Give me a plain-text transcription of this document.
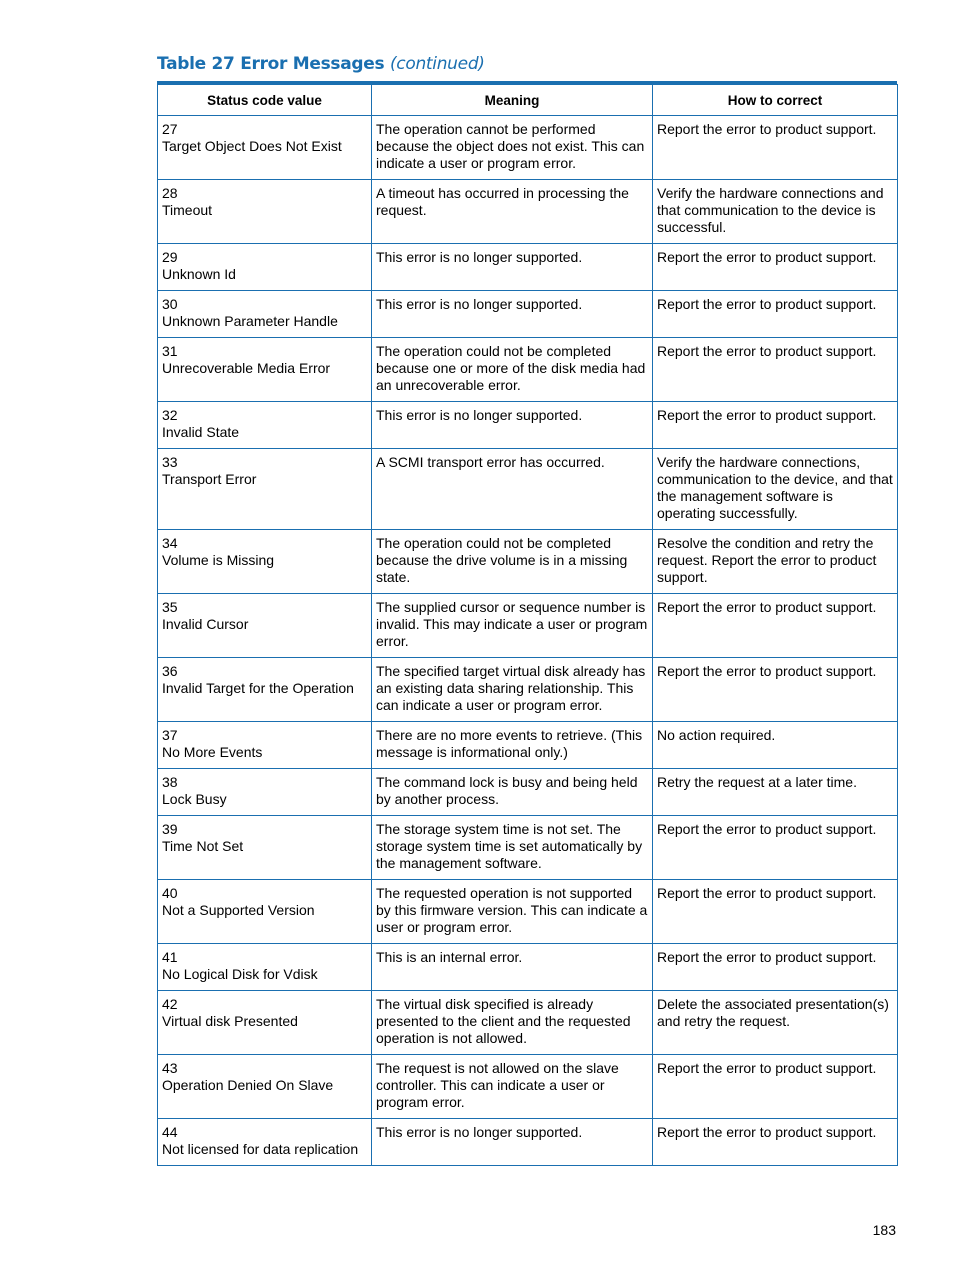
Table 27 Error Messages (continued)
Status code value	Meaning	How to correct

27
Target Object Does Not Exist	The operation cannot be performed because the object does not exist. This can indicate a user or program error.	Report the error to product support.

28
Timeout	A timeout has occurred in processing the request.	Verify the hardware connections and that communication to the device is successful.

29
Unknown Id	This error is no longer supported.	Report the error to product support.

30
Unknown Parameter Handle	This error is no longer supported.	Report the error to product support.

31
Unrecoverable Media Error	The operation could not be completed because one or more of the disk media had an unrecoverable error.	Report the error to product support.

32
Invalid State	This error is no longer supported.	Report the error to product support.

33
Transport Error	A SCMI transport error has occurred.	Verify the hardware connections, communication to the device, and that the management software is operating successfully.

34
Volume is Missing	The operation could not be completed because the drive volume is in a missing state.	Resolve the condition and retry the request. Report the error to product support.

35
Invalid Cursor	The supplied cursor or sequence number is invalid. This may indicate a user or program error.	Report the error to product support.

36
Invalid Target for the Operation	The specified target virtual disk already has an existing data sharing relationship. This can indicate a user or program error.	Report the error to product support.

37
No More Events	There are no more events to retrieve. (This message is informational only.)	No action required.

38
Lock Busy	The command lock is busy and being held by another process.	Retry the request at a later time.

39
Time Not Set	The storage system time is not set. The storage system time is set automatically by the management software.	Report the error to product support.

40
Not a Supported Version	The requested operation is not supported by this firmware version. This can indicate a user or program error.	Report the error to product support.

41
No Logical Disk for Vdisk	This is an internal error.	Report the error to product support.

42
Virtual disk Presented	The virtual disk specified is already presented to the client and the requested operation is not allowed.	Delete the associated presentation(s) and retry the request.

43
Operation Denied On Slave	The request is not allowed on the slave controller. This can indicate a user or program error.	Report the error to product support.

44
Not licensed for data replication	This error is no longer supported.	Report the error to product support.
183
